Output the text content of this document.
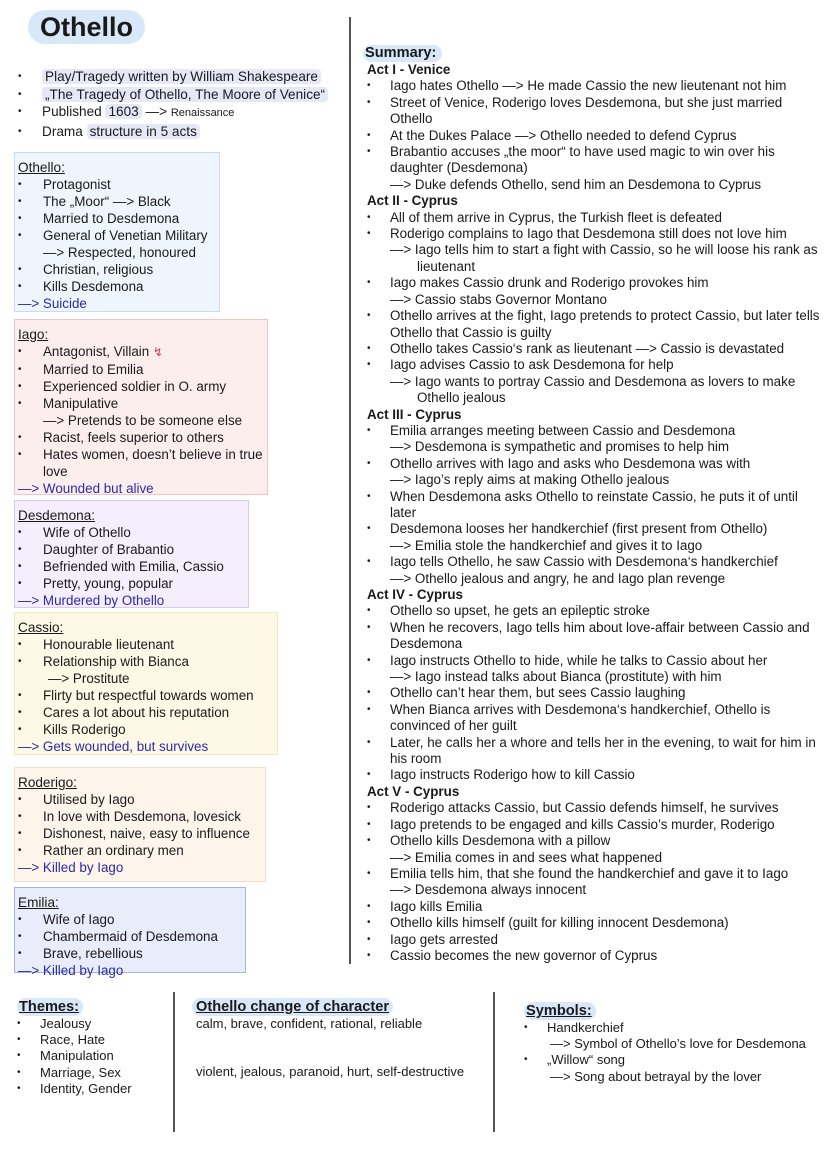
Othello
• Play/Tragedy written by William Shakespeare
• „The Tragedy of Othello, The Moore of Venice“
• Published 1603 —> Renaissance
• Drama structure in 5 acts
Othello:
• Protagonist
• The „Moor“ —> Black
• Married to Desdemona
• General of Venetian Military
—> Respected, honoured
• Christian, religious
• Kills Desdemona
—> Suicide
Iago:
• Antagonist, Villain ↯
• Married to Emilia
• Experienced soldier in O. army
• Manipulative
—> Pretends to be someone else
• Racist, feels superior to others
• Hates women, doesn’t believe in true love
—> Wounded but alive
Desdemona:
• Wife of Othello
• Daughter of Brabantio
• Befriended with Emilia, Cassio
• Pretty, young, popular
—> Murdered by Othello
Cassio:
• Honourable lieutenant
• Relationship with Bianca
—> Prostitute
• Flirty but respectful towards women
• Cares a lot about his reputation
• Kills Roderigo
—> Gets wounded, but survives
Roderigo:
• Utilised by Iago
• In love with Desdemona, lovesick
• Dishonest, naive, easy to influence
• Rather an ordinary men
—> Killed by Iago
Emilia:
• Wife of Iago
• Chambermaid of Desdemona
• Brave, rebellious
—> Killed by Iago
Summary:
Act I - Venice
• Iago hates Othello —> He made Cassio the new lieutenant not him
• Street of Venice, Roderigo loves Desdemona, but she just married Othello
• At the Dukes Palace —> Othello needed to defend Cyprus
• Brabantio accuses „the moor“ to have used magic to win over his daughter (Desdemona)
—> Duke defends Othello, send him an Desdemona to Cyprus
Act II - Cyprus
• All of them arrive in Cyprus, the Turkish fleet is defeated
• Roderigo complains to Iago that Desdemona still does not love him
—> Iago tells him to start a fight with Cassio, so he will loose his rank as lieutenant
• Iago makes Cassio drunk and Roderigo provokes him
—> Cassio stabs Governor Montano
• Othello arrives at the fight, Iago pretends to protect Cassio, but later tells Othello that Cassio is guilty
• Othello takes Cassio‘s rank as lieutenant —> Cassio is devastated
• Iago advises Cassio to ask Desdemona for help
—> Iago wants to portray Cassio and Desdemona as lovers to make Othello jealous
Act III - Cyprus
• Emilia arranges meeting between Cassio and Desdemona
—> Desdemona is sympathetic and promises to help him
• Othello arrives with Iago and asks who Desdemona was with
—> Iago’s reply aims at making Othello jealous
• When Desdemona asks Othello to reinstate Cassio, he puts it of until later
• Desdemona looses her handkerchief (first present from Othello)
—> Emilia stole the handkerchief and gives it to Iago
• Iago tells Othello, he saw Cassio with Desdemona‘s handkerchief
—> Othello jealous and angry, he and Iago plan revenge
Act IV - Cyprus
• Othello so upset, he gets an epileptic stroke
• When he recovers, Iago tells him about love-affair between Cassio and Desdemona
• Iago instructs Othello to hide, while he talks to Cassio about her
—> Iago instead talks about Bianca (prostitute) with him
• Othello can’t hear them, but sees Cassio laughing
• When Bianca arrives with Desdemona‘s handkerchief, Othello is convinced of her guilt
• Later, he calls her a whore and tells her in the evening, to wait for him in his room
• Iago instructs Roderigo how to kill Cassio
Act V - Cyprus
• Roderigo attacks Cassio, but Cassio defends himself, he survives
• Iago pretends to be engaged and kills Cassio’s murder, Roderigo
• Othello kills Desdemona with a pillow
—> Emilia comes in and sees what happened
• Emilia tells him, that she found the handkerchief and gave it to Iago
—> Desdemona always innocent
• Iago kills Emilia
• Othello kills himself (guilt for killing innocent Desdemona)
• Iago gets arrested
• Cassio becomes the new governor of Cyprus
Themes:
• Jealousy
• Race, Hate
• Manipulation
• Marriage, Sex
• Identity, Gender
Othello change of character
calm, brave, confident, rational, reliable
violent, jealous, paranoid, hurt, self-destructive
Symbols:
• Handkerchief
—> Symbol of Othello’s love for Desdemona
• „Willow“ song
—> Song about betrayal by the lover
